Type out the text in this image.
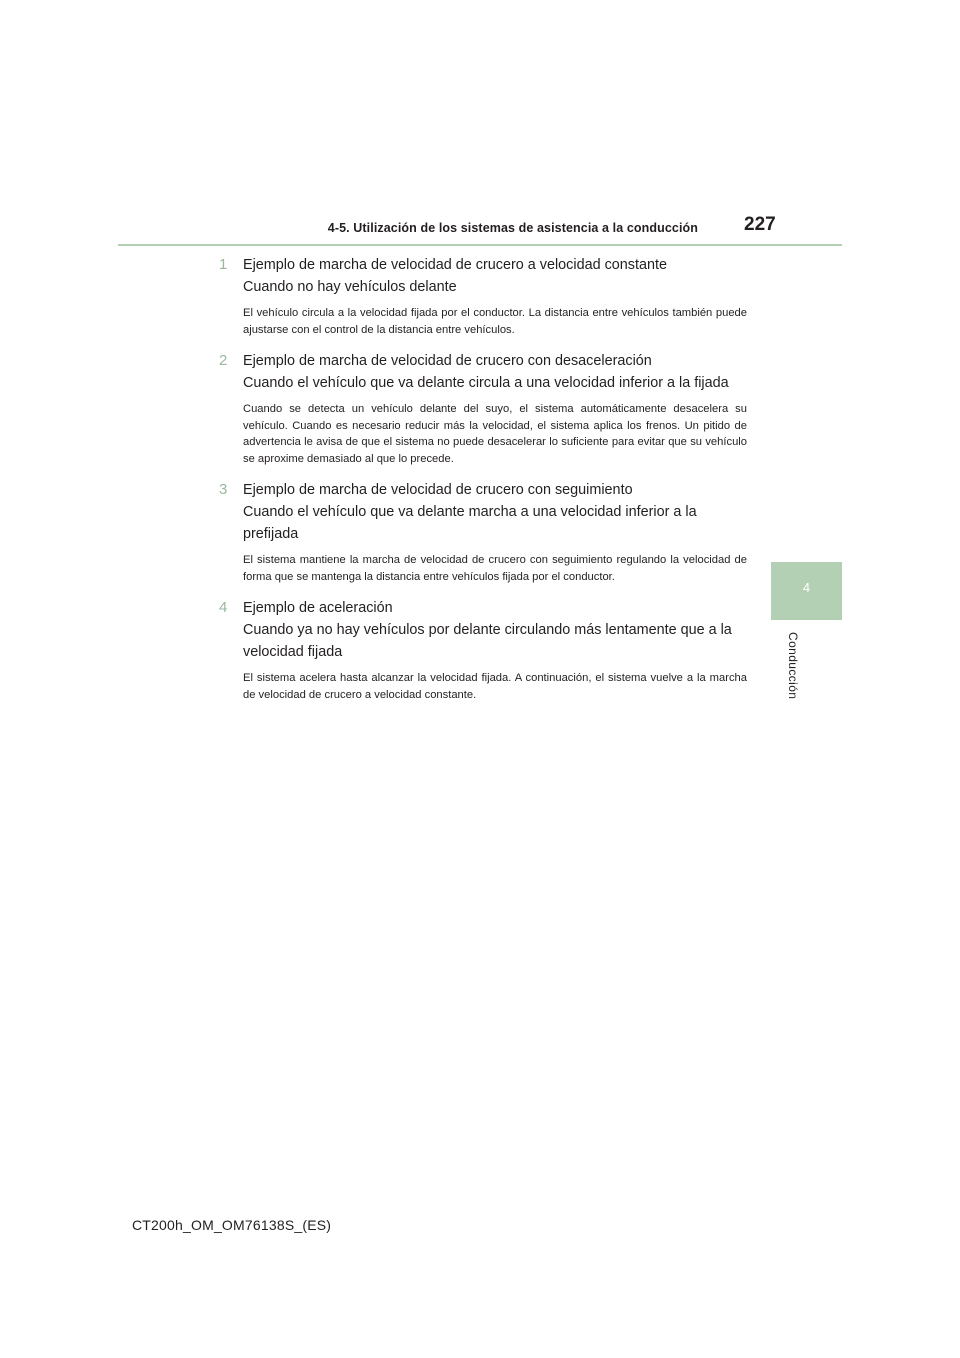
4-5. Utilización de los sistemas de asistencia a la conducción 227
4
Conducción
1 Ejemplo de marcha de velocidad de crucero a velocidad constante
Cuando no hay vehículos delante

El vehículo circula a la velocidad fijada por el conductor. La distancia entre vehículos también puede ajustarse con el control de la distancia entre vehículos.

2 Ejemplo de marcha de velocidad de crucero con desaceleración
Cuando el vehículo que va delante circula a una velocidad inferior a la fijada

Cuando se detecta un vehículo delante del suyo, el sistema automáticamente desacelera su vehículo. Cuando es necesario reducir más la velocidad, el sistema aplica los frenos. Un pitido de advertencia le avisa de que el sistema no puede desacelerar lo suficiente para evitar que su vehículo se aproxime demasiado al que lo precede.

3 Ejemplo de marcha de velocidad de crucero con seguimiento
Cuando el vehículo que va delante marcha a una velocidad inferior a la prefijada

El sistema mantiene la marcha de velocidad de crucero con seguimiento regulando la velocidad de forma que se mantenga la distancia entre vehículos fijada por el conductor.

4 Ejemplo de aceleración
Cuando ya no hay vehículos por delante circulando más lentamente que a la velocidad fijada

El sistema acelera hasta alcanzar la velocidad fijada. A continuación, el sistema vuelve a la marcha de velocidad de crucero a velocidad constante.

CT200h_OM_OM76138S_(ES)
